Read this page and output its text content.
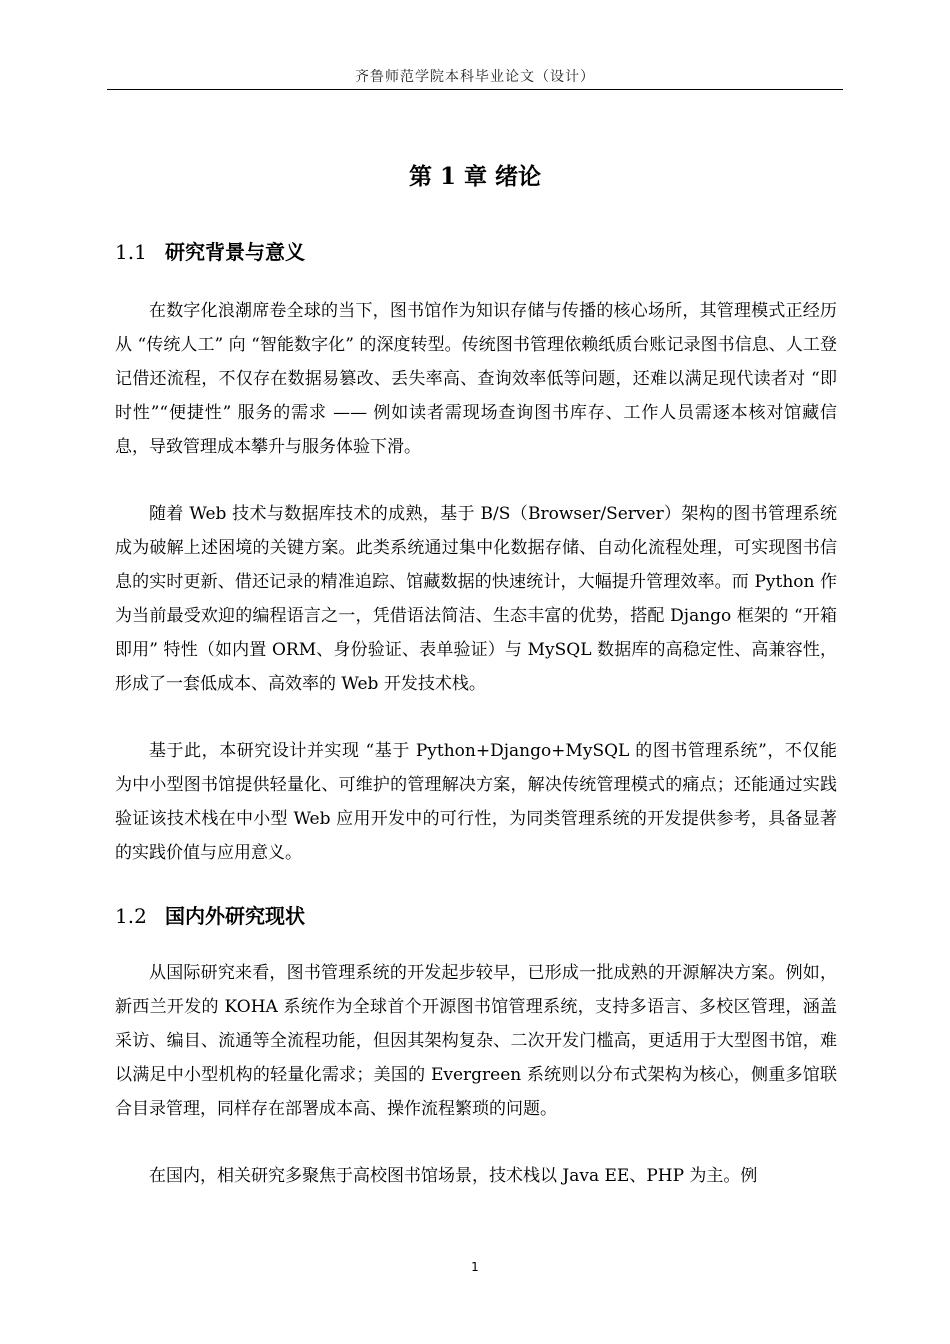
齐鲁师范学院本科毕业论文（设计）
第 1 章 绪论
1.1 研究背景与意义

在数字化浪潮席卷全球的当下，图书馆作为知识存储与传播的核心场所，其管理模式正经历从 “传统人工” 向 “智能数字化” 的深度转型。传统图书管理依赖纸质台账记录图书信息、人工登记借还流程，不仅存在数据易篡改、丢失率高、查询效率低等问题，还难以满足现代读者对 “即时性”“便捷性” 服务的需求 —— 例如读者需现场查询图书库存、工作人员需逐本核对馆藏信息，导致管理成本攀升与服务体验下滑。

随着 Web 技术与数据库技术的成熟，基于 B/S（Browser/Server）架构的图书管理系统成为破解上述困境的关键方案。此类系统通过集中化数据存储、自动化流程处理，可实现图书信息的实时更新、借还记录的精准追踪、馆藏数据的快速统计，大幅提升管理效率。而 Python 作为当前最受欢迎的编程语言之一，凭借语法简洁、生态丰富的优势，搭配 Django 框架的 “开箱即用” 特性（如内置 ORM、身份验证、表单验证）与 MySQL 数据库的高稳定性、高兼容性，形成了一套低成本、高效率的 Web 开发技术栈。

基于此，本研究设计并实现 “基于 Python+Django+MySQL 的图书管理系统”，不仅能为中小型图书馆提供轻量化、可维护的管理解决方案，解决传统管理模式的痛点；还能通过实践验证该技术栈在中小型 Web 应用开发中的可行性，为同类管理系统的开发提供参考，具备显著的实践价值与应用意义。

1.2 国内外研究现状

从国际研究来看，图书管理系统的开发起步较早，已形成一批成熟的开源解决方案。例如，新西兰开发的 KOHA 系统作为全球首个开源图书馆管理系统，支持多语言、多校区管理，涵盖采访、编目、流通等全流程功能，但因其架构复杂、二次开发门槛高，更适用于大型图书馆，难以满足中小型机构的轻量化需求；美国的 Evergreen 系统则以分布式架构为核心，侧重多馆联合目录管理，同样存在部署成本高、操作流程繁琐的问题。

在国内，相关研究多聚焦于高校图书馆场景，技术栈以 Java EE、PHP 为主。例

1
